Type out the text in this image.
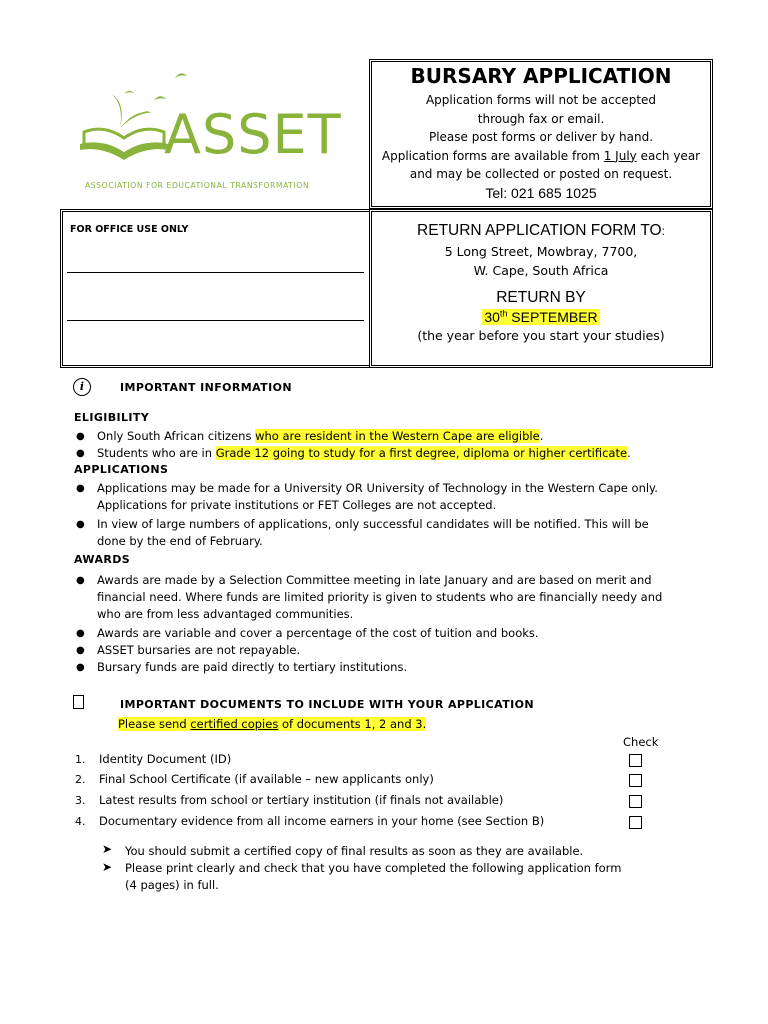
ASSET
ASSOCIATION FOR EDUCATIONAL TRANSFORMATION
BURSARY APPLICATION
Application forms will not be accepted
through fax or email.
Please post forms or deliver by hand.
Application forms are available from 1 July each year
and may be collected or posted on request.
Tel: 021 685 1025
FOR OFFICE USE ONLY	RETURN APPLICATION FORM TO:
5 Long Street, Mowbray, 7700,
W. Cape, South Africa
RETURN BY
30th SEPTEMBER
(the year before you start your studies)
i	IMPORTANT INFORMATION
ELIGIBILITY
● Only South African citizens who are resident in the Western Cape are eligible.
● Students who are in Grade 12 going to study for a first degree, diploma or higher certificate.
APPLICATIONS
● Applications may be made for a University OR University of Technology in the Western Cape only.
Applications for private institutions or FET Colleges are not accepted.
● In view of large numbers of applications, only successful candidates will be notified. This will be
done by the end of February.
AWARDS
● Awards are made by a Selection Committee meeting in late January and are based on merit and
financial need. Where funds are limited priority is given to students who are financially needy and
who are from less advantaged communities.
● Awards are variable and cover a percentage of the cost of tuition and books.
● ASSET bursaries are not repayable.
● Bursary funds are paid directly to tertiary institutions.
IMPORTANT DOCUMENTS TO INCLUDE WITH YOUR APPLICATION
Please send certified copies of documents 1, 2 and 3.
Check
1. Identity Document (ID)
2. Final School Certificate (if available – new applicants only)
3. Latest results from school or tertiary institution (if finals not available)
4. Documentary evidence from all income earners in your home (see Section B)
➤ You should submit a certified copy of final results as soon as they are available.
➤ Please print clearly and check that you have completed the following application form
(4 pages) in full.
